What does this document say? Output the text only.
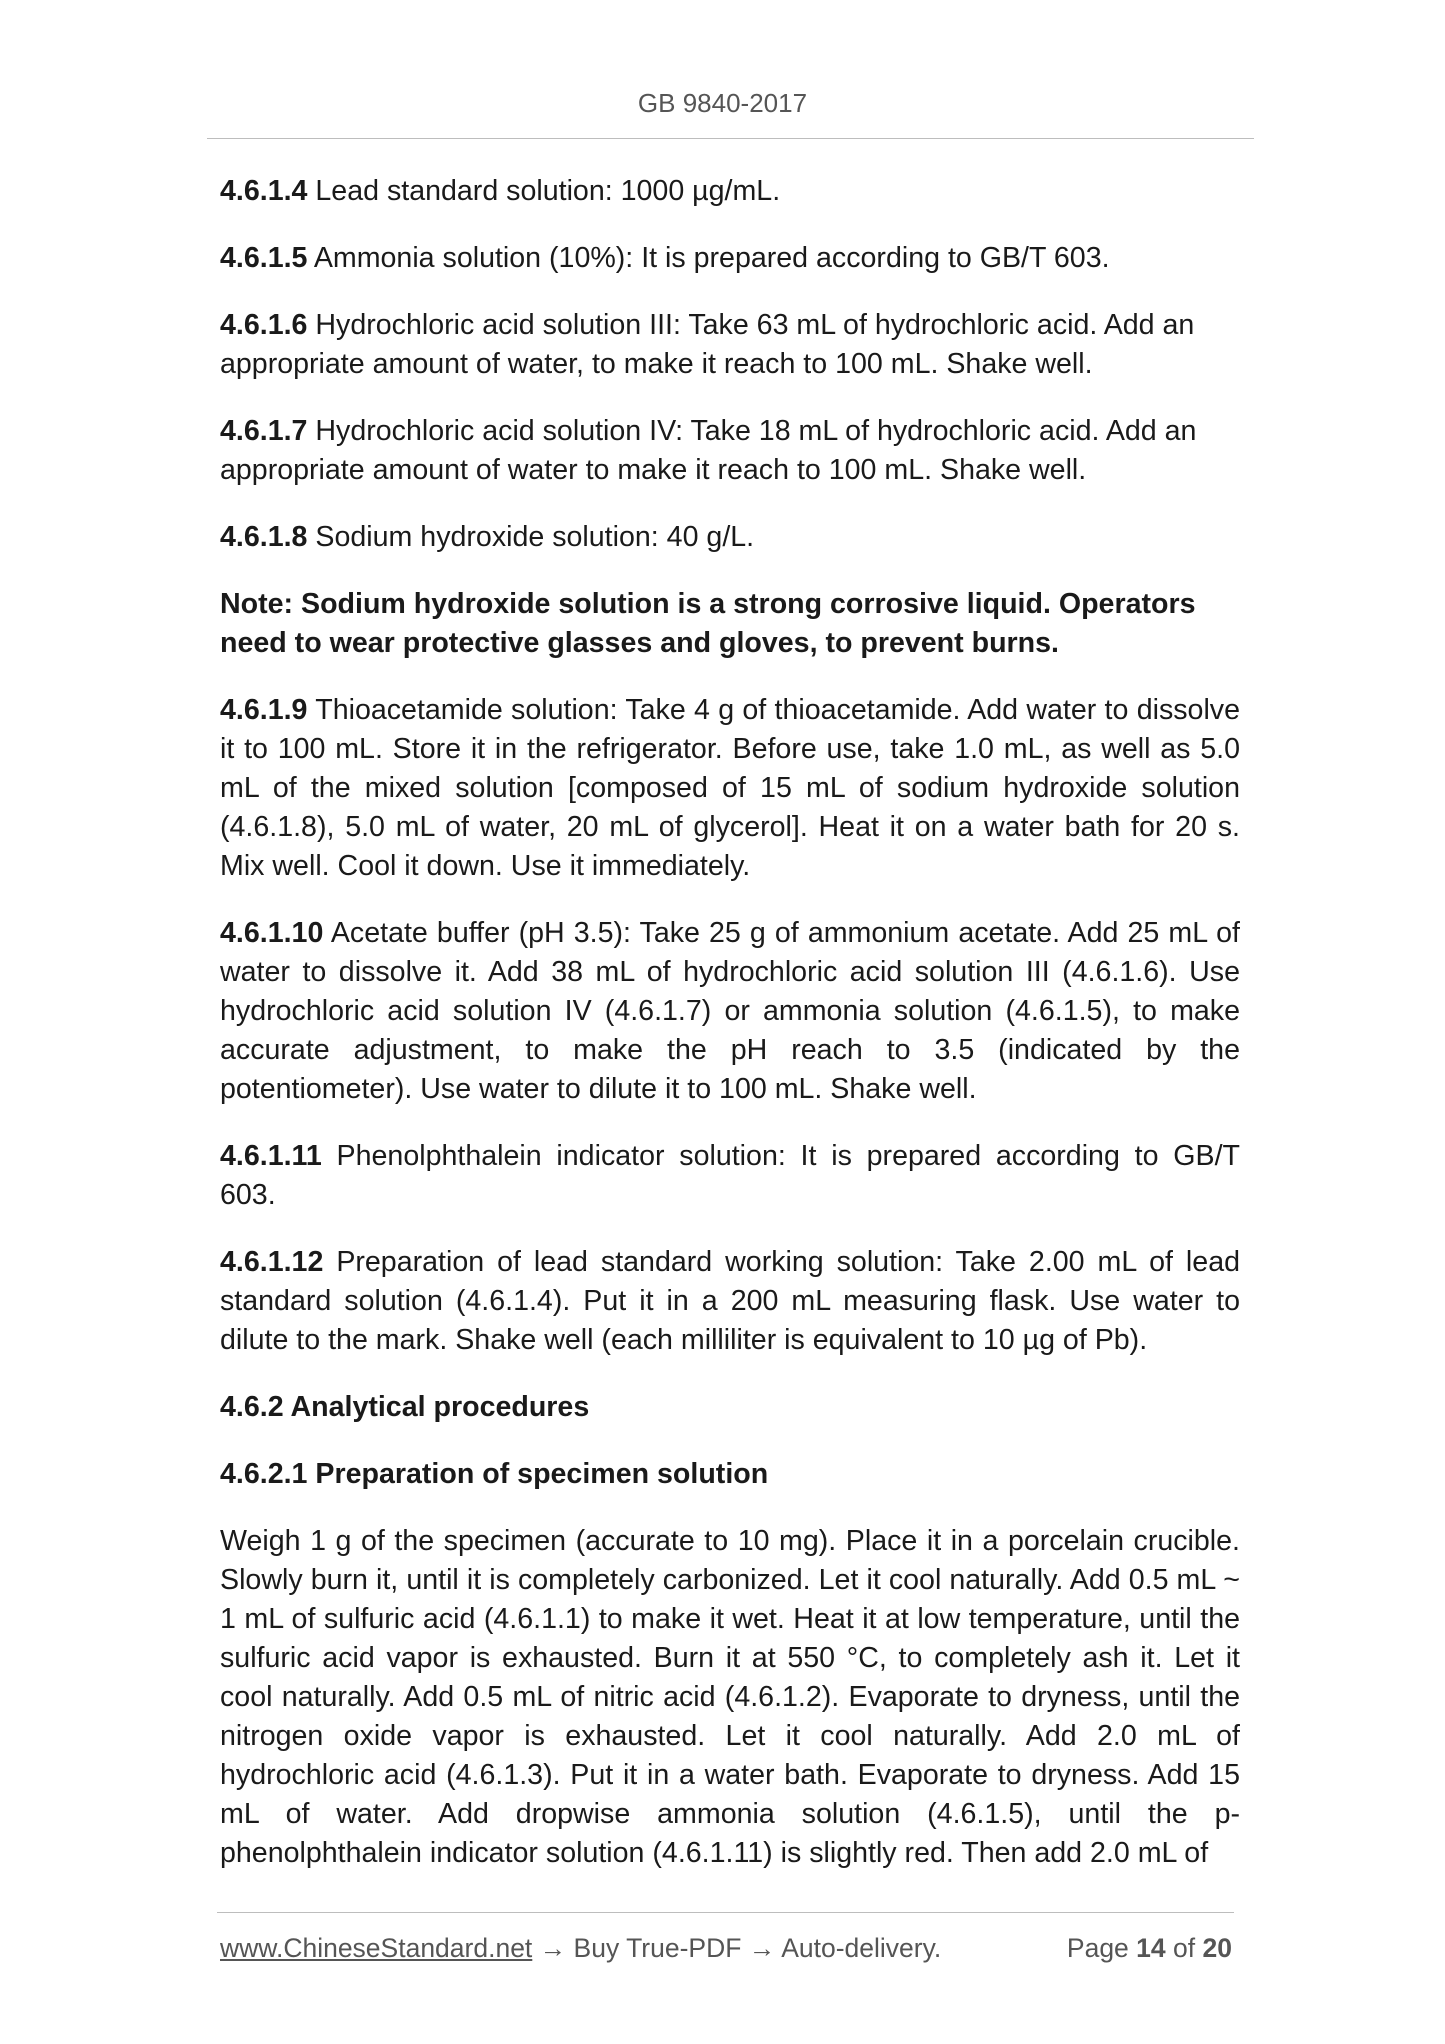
GB 9840-2017

4.6.1.4 Lead standard solution: 1000 µg/mL.

4.6.1.5 Ammonia solution (10%): It is prepared according to GB/T 603.

4.6.1.6 Hydrochloric acid solution III: Take 63 mL of hydrochloric acid. Add an appropriate amount of water, to make it reach to 100 mL. Shake well.

4.6.1.7 Hydrochloric acid solution IV: Take 18 mL of hydrochloric acid. Add an appropriate amount of water to make it reach to 100 mL. Shake well.

4.6.1.8 Sodium hydroxide solution: 40 g/L.

Note: Sodium hydroxide solution is a strong corrosive liquid. Operators need to wear protective glasses and gloves, to prevent burns.

4.6.1.9 Thioacetamide solution: Take 4 g of thioacetamide. Add water to dissolve it to 100 mL. Store it in the refrigerator. Before use, take 1.0 mL, as well as 5.0 mL of the mixed solution [composed of 15 mL of sodium hydroxide solution (4.6.1.8), 5.0 mL of water, 20 mL of glycerol]. Heat it on a water bath for 20 s. Mix well. Cool it down. Use it immediately.

4.6.1.10 Acetate buffer (pH 3.5): Take 25 g of ammonium acetate. Add 25 mL of water to dissolve it. Add 38 mL of hydrochloric acid solution III (4.6.1.6). Use hydrochloric acid solution IV (4.6.1.7) or ammonia solution (4.6.1.5), to make accurate adjustment, to make the pH reach to 3.5 (indicated by the potentiometer). Use water to dilute it to 100 mL. Shake well.

4.6.1.11 Phenolphthalein indicator solution: It is prepared according to GB/T 603.

4.6.1.12 Preparation of lead standard working solution: Take 2.00 mL of lead standard solution (4.6.1.4). Put it in a 200 mL measuring flask. Use water to dilute to the mark. Shake well (each milliliter is equivalent to 10 µg of Pb).

4.6.2 Analytical procedures

4.6.2.1 Preparation of specimen solution

Weigh 1 g of the specimen (accurate to 10 mg). Place it in a porcelain crucible. Slowly burn it, until it is completely carbonized. Let it cool naturally. Add 0.5 mL ~ 1 mL of sulfuric acid (4.6.1.1) to make it wet. Heat it at low temperature, until the sulfuric acid vapor is exhausted. Burn it at 550 °C, to completely ash it. Let it cool naturally. Add 0.5 mL of nitric acid (4.6.1.2). Evaporate to dryness, until the nitrogen oxide vapor is exhausted. Let it cool naturally. Add 2.0 mL of hydrochloric acid (4.6.1.3). Put it in a water bath. Evaporate to dryness. Add 15 mL of water. Add dropwise ammonia solution (4.6.1.5), until the p-phenolphthalein indicator solution (4.6.1.11) is slightly red. Then add 2.0 mL of

www.ChineseStandard.net → Buy True-PDF → Auto-delivery.	Page 14 of 20
